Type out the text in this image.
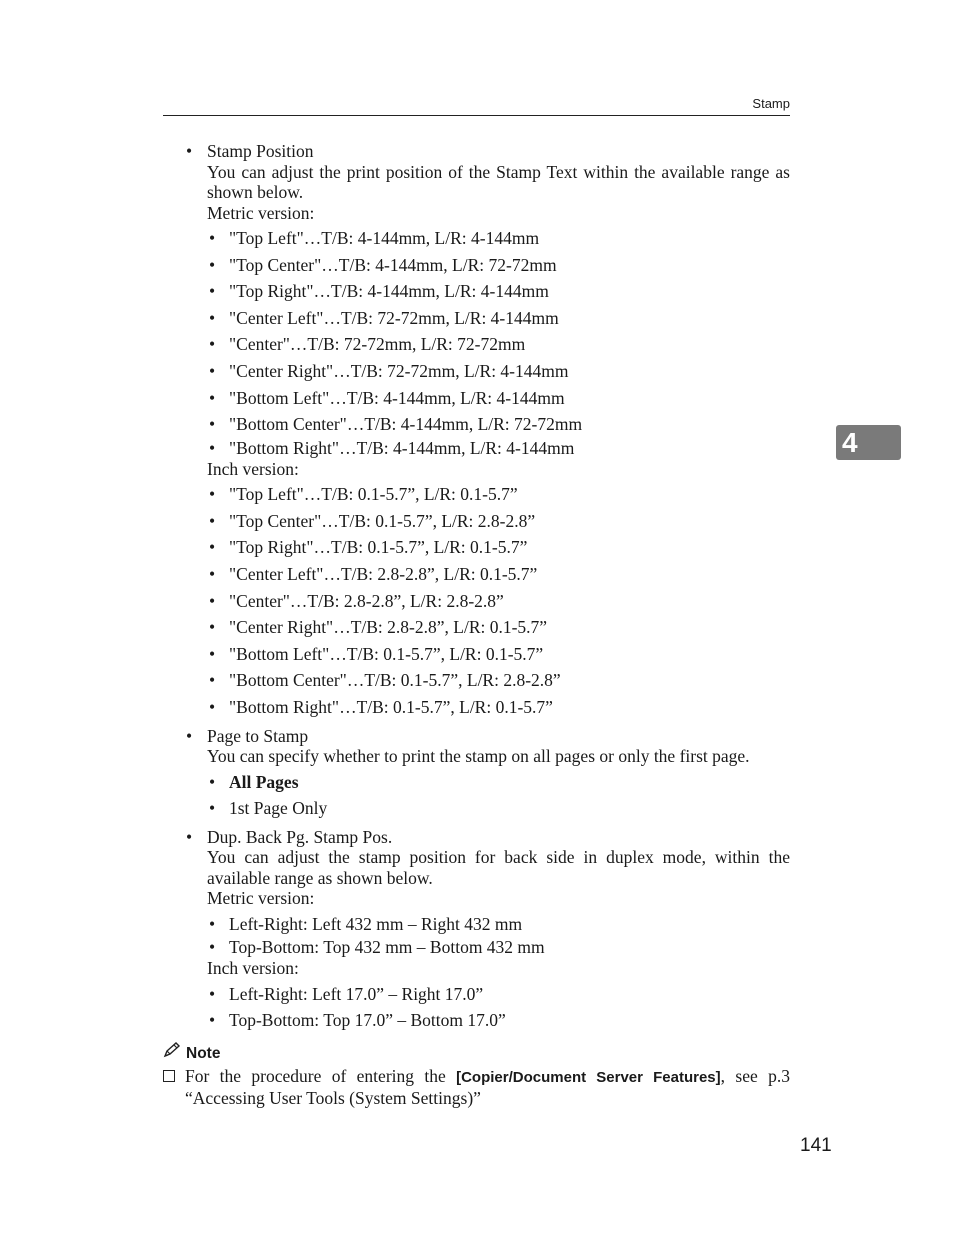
Stamp
4
• Stamp Position

You can adjust the print position of the Stamp Text within the available range as shown below.

Metric version:

• "Top Left"…T/B: 4-144mm, L/R: 4-144mm
• "Top Center"…T/B: 4-144mm, L/R: 72-72mm
• "Top Right"…T/B: 4-144mm, L/R: 4-144mm
• "Center Left"…T/B: 72-72mm, L/R: 4-144mm
• "Center"…T/B: 72-72mm, L/R: 72-72mm
• "Center Right"…T/B: 72-72mm, L/R: 4-144mm
• "Bottom Left"…T/B: 4-144mm, L/R: 4-144mm
• "Bottom Center"…T/B: 4-144mm, L/R: 72-72mm
• "Bottom Right"…T/B: 4-144mm, L/R: 4-144mm

Inch version:

• "Top Left"…T/B: 0.1-5.7”, L/R: 0.1-5.7”
• "Top Center"…T/B: 0.1-5.7”, L/R: 2.8-2.8”
• "Top Right"…T/B: 0.1-5.7”, L/R: 0.1-5.7”
• "Center Left"…T/B: 2.8-2.8”, L/R: 0.1-5.7”
• "Center"…T/B: 2.8-2.8”, L/R: 2.8-2.8”
• "Center Right"…T/B: 2.8-2.8”, L/R: 0.1-5.7”
• "Bottom Left"…T/B: 0.1-5.7”, L/R: 0.1-5.7”
• "Bottom Center"…T/B: 0.1-5.7”, L/R: 2.8-2.8”
• "Bottom Right"…T/B: 0.1-5.7”, L/R: 0.1-5.7”
• Page to Stamp

You can specify whether to print the stamp on all pages or only the first page.

• All Pages
• 1st Page Only
• Dup. Back Pg. Stamp Pos.

You can adjust the stamp position for back side in duplex mode, within the available range as shown below.

Metric version:

• Left-Right: Left 432 mm – Right 432 mm
• Top-Bottom: Top 432 mm – Bottom 432 mm

Inch version:

• Left-Right: Left 17.0” – Right 17.0”
• Top-Bottom: Top 17.0” – Bottom 17.0”
Note
For the procedure of entering the [Copier/Document Server Features], see p.3 “Accessing User Tools (System Settings)”
141
